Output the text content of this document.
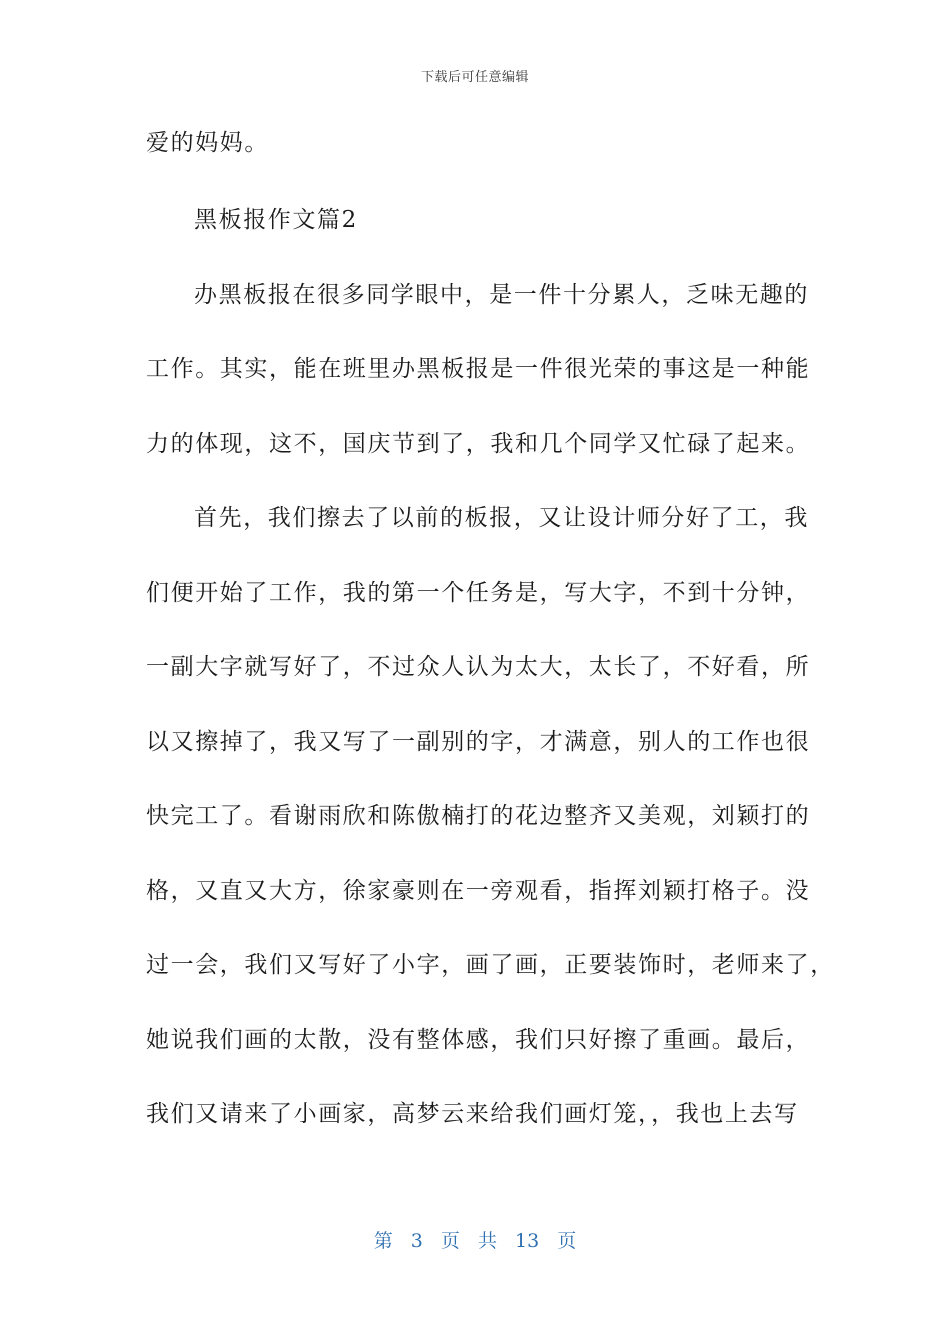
下载后可任意编辑
爱的妈妈。
黑板报作文篇2
办黑板报在很多同学眼中，是一件十分累人，乏味无趣的
工作。其实，能在班里办黑板报是一件很光荣的事这是一种能
力的体现，这不，国庆节到了，我和几个同学又忙碌了起来。
首先，我们擦去了以前的板报，又让设计师分好了工，我
们便开始了工作，我的第一个任务是，写大字，不到十分钟，
一副大字就写好了，不过众人认为太大，太长了，不好看，所
以又擦掉了，我又写了一副别的字，才满意，别人的工作也很
快完工了。看谢雨欣和陈傲楠打的花边整齐又美观，刘颖打的
格，又直又大方，徐家豪则在一旁观看，指挥刘颖打格子。没
过一会，我们又写好了小字，画了画，正要装饰时，老师来了，
她说我们画的太散，没有整体感，我们只好擦了重画。最后，
我们又请来了小画家，高梦云来给我们画灯笼，，我也上去写
第 3 页 共 13 页
